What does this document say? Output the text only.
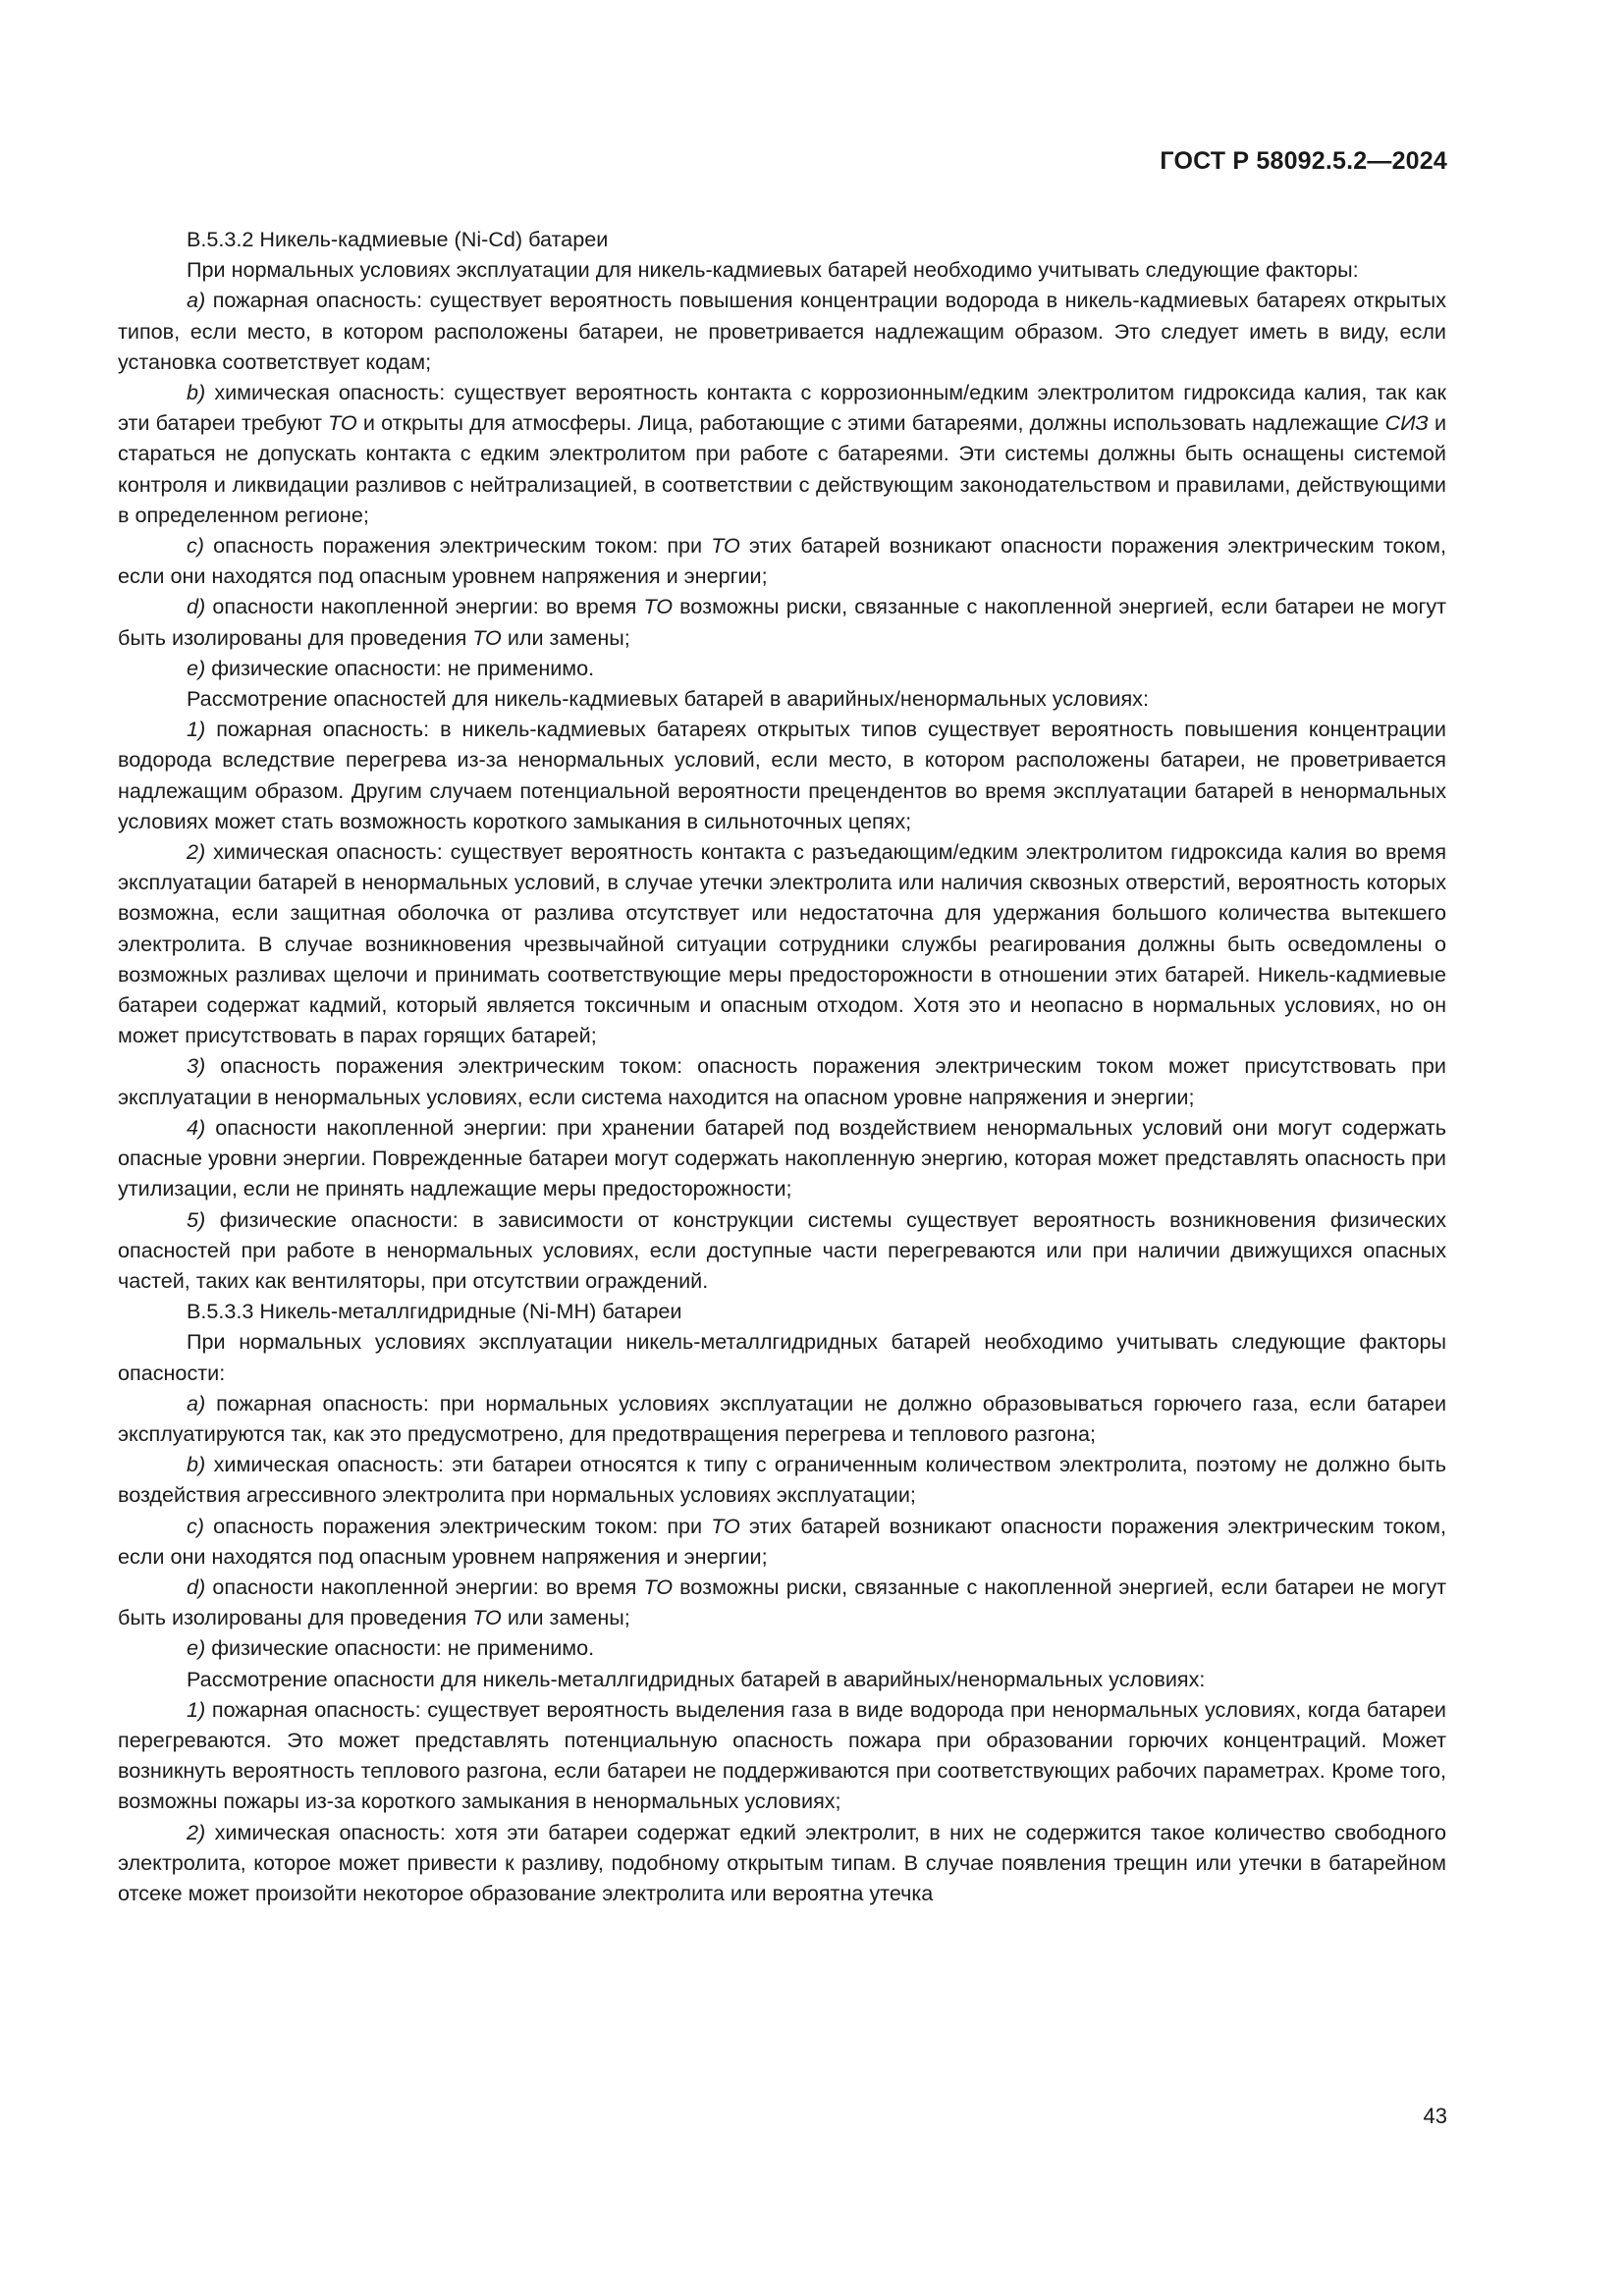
ГОСТ Р 58092.5.2—2024

В.5.3.2 Никель-кадмиевые (Ni-Cd) батареи

При нормальных условиях эксплуатации для никель-кадмиевых батарей необходимо учитывать следующие факторы:

a) пожарная опасность: существует вероятность повышения концентрации водорода в никель-кадмиевых батареях открытых типов, если место, в котором расположены батареи, не проветривается надлежащим образом. Это следует иметь в виду, если установка соответствует кодам;

b) химическая опасность: существует вероятность контакта с коррозионным/едким электролитом гидроксида калия, так как эти батареи требуют ТО и открыты для атмосферы. Лица, работающие с этими батареями, должны использовать надлежащие СИЗ и стараться не допускать контакта с едким электролитом при работе с батареями. Эти системы должны быть оснащены системой контроля и ликвидации разливов с нейтрализацией, в соответствии с действующим законодательством и правилами, действующими в определенном регионе;

c) опасность поражения электрическим током: при ТО этих батарей возникают опасности поражения электрическим током, если они находятся под опасным уровнем напряжения и энергии;

d) опасности накопленной энергии: во время ТО возможны риски, связанные с накопленной энергией, если батареи не могут быть изолированы для проведения ТО или замены;

e) физические опасности: не применимо.

Рассмотрение опасностей для никель-кадмиевых батарей в аварийных/ненормальных условиях:

1) пожарная опасность: в никель-кадмиевых батареях открытых типов существует вероятность повышения концентрации водорода вследствие перегрева из-за ненормальных условий, если место, в котором расположены батареи, не проветривается надлежащим образом. Другим случаем потенциальной вероятности прецендентов во время эксплуатации батарей в ненормальных условиях может стать возможность короткого замыкания в сильноточных цепях;

2) химическая опасность: существует вероятность контакта с разъедающим/едким электролитом гидроксида калия во время эксплуатации батарей в ненормальных условий, в случае утечки электролита или наличия сквозных отверстий, вероятность которых возможна, если защитная оболочка от разлива отсутствует или недостаточна для удержания большого количества вытекшего электролита. В случае возникновения чрезвычайной ситуации сотрудники службы реагирования должны быть осведомлены о возможных разливах щелочи и принимать соответствующие меры предосторожности в отношении этих батарей. Никель-кадмиевые батареи содержат кадмий, который является токсичным и опасным отходом. Хотя это и неопасно в нормальных условиях, но он может присутствовать в парах горящих батарей;

3) опасность поражения электрическим током: опасность поражения электрическим током может присутствовать при эксплуатации в ненормальных условиях, если система находится на опасном уровне напряжения и энергии;

4) опасности накопленной энергии: при хранении батарей под воздействием ненормальных условий они могут содержать опасные уровни энергии. Поврежденные батареи могут содержать накопленную энергию, которая может представлять опасность при утилизации, если не принять надлежащие меры предосторожности;

5) физические опасности: в зависимости от конструкции системы существует вероятность возникновения физических опасностей при работе в ненормальных условиях, если доступные части перегреваются или при наличии движущихся опасных частей, таких как вентиляторы, при отсутствии ограждений.

В.5.3.3 Никель-металлгидридные (Ni-MH) батареи

При нормальных условиях эксплуатации никель-металлгидридных батарей необходимо учитывать следующие факторы опасности:

a) пожарная опасность: при нормальных условиях эксплуатации не должно образовываться горючего газа, если батареи эксплуатируются так, как это предусмотрено, для предотвращения перегрева и теплового разгона;

b) химическая опасность: эти батареи относятся к типу с ограниченным количеством электролита, поэтому не должно быть воздействия агрессивного электролита при нормальных условиях эксплуатации;

c) опасность поражения электрическим током: при ТО этих батарей возникают опасности поражения электрическим током, если они находятся под опасным уровнем напряжения и энергии;

d) опасности накопленной энергии: во время ТО возможны риски, связанные с накопленной энергией, если батареи не могут быть изолированы для проведения ТО или замены;

e) физические опасности: не применимо.

Рассмотрение опасности для никель-металлгидридных батарей в аварийных/ненормальных условиях:

1) пожарная опасность: существует вероятность выделения газа в виде водорода при ненормальных условиях, когда батареи перегреваются. Это может представлять потенциальную опасность пожара при образовании горючих концентраций. Может возникнуть вероятность теплового разгона, если батареи не поддерживаются при соответствующих рабочих параметрах. Кроме того, возможны пожары из-за короткого замыкания в ненормальных условиях;

2) химическая опасность: хотя эти батареи содержат едкий электролит, в них не содержится такое количество свободного электролита, которое может привести к разливу, подобному открытым типам. В случае появления трещин или утечки в батарейном отсеке может произойти некоторое образование электролита или вероятна утечка

43
